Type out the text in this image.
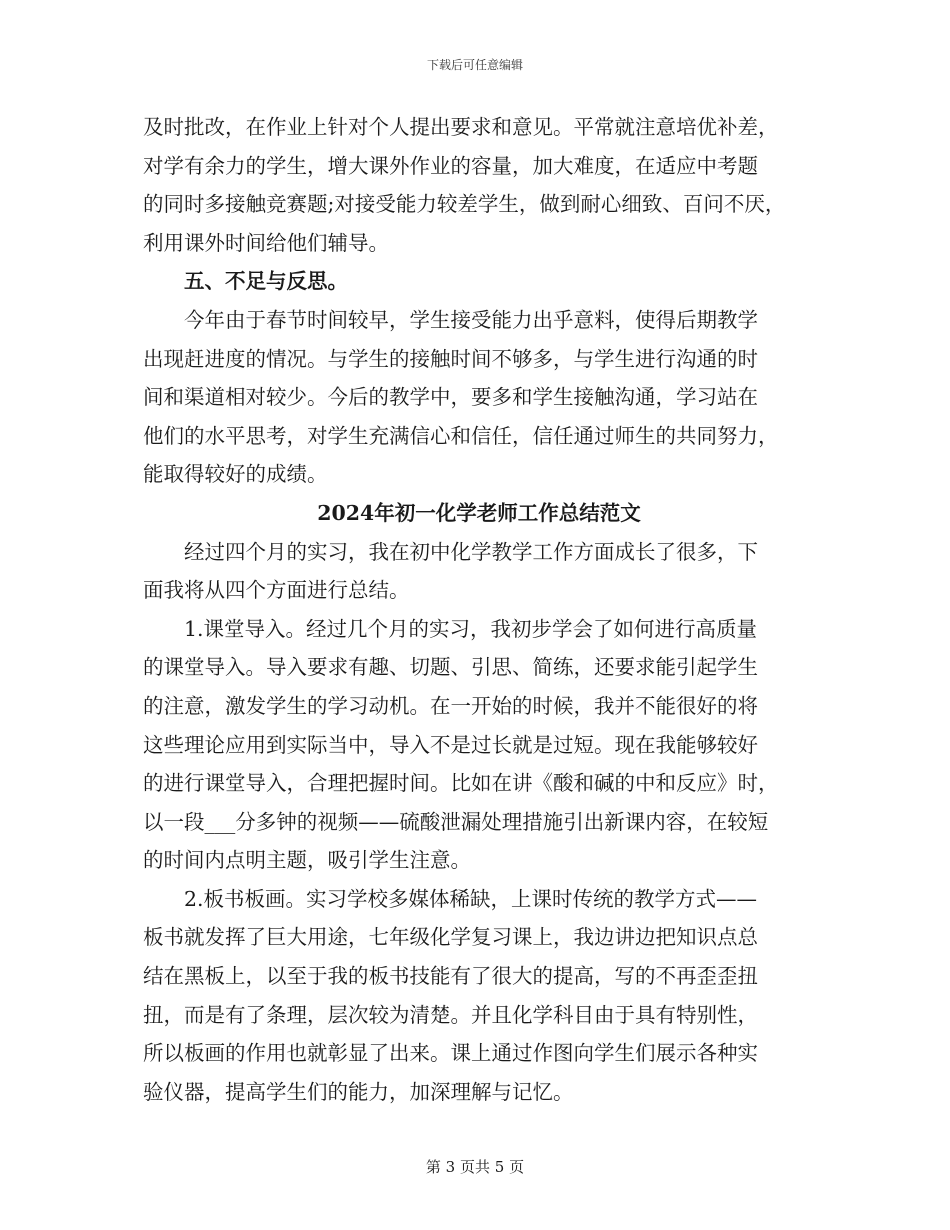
下载后可任意编辑
及时批改，在作业上针对个人提出要求和意见。平常就注意培优补差，
对学有余力的学生，增大课外作业的容量，加大难度，在适应中考题
的同时多接触竞赛题;对接受能力较差学生，做到耐心细致、百问不厌，
利用课外时间给他们辅导。
五、不足与反思。
今年由于春节时间较早，学生接受能力出乎意料，使得后期教学
出现赶进度的情况。与学生的接触时间不够多，与学生进行沟通的时
间和渠道相对较少。今后的教学中，要多和学生接触沟通，学习站在
他们的水平思考，对学生充满信心和信任，信任通过师生的共同努力，
能取得较好的成绩。
2024年初一化学老师工作总结范文
经过四个月的实习，我在初中化学教学工作方面成长了很多，下
面我将从四个方面进行总结。
1.课堂导入。经过几个月的实习，我初步学会了如何进行高质量
的课堂导入。导入要求有趣、切题、引思、简练，还要求能引起学生
的注意，激发学生的学习动机。在一开始的时候，我并不能很好的将
这些理论应用到实际当中，导入不是过长就是过短。现在我能够较好
的进行课堂导入，合理把握时间。比如在讲《酸和碱的中和反应》时，
以一段___分多钟的视频——硫酸泄漏处理措施引出新课内容，在较短
的时间内点明主题，吸引学生注意。
2.板书板画。实习学校多媒体稀缺，上课时传统的教学方式——
板书就发挥了巨大用途，七年级化学复习课上，我边讲边把知识点总
结在黑板上，以至于我的板书技能有了很大的提高，写的不再歪歪扭
扭，而是有了条理，层次较为清楚。并且化学科目由于具有特别性，
所以板画的作用也就彰显了出来。课上通过作图向学生们展示各种实
验仪器，提高学生们的能力，加深理解与记忆。
第 3 页共 5 页
